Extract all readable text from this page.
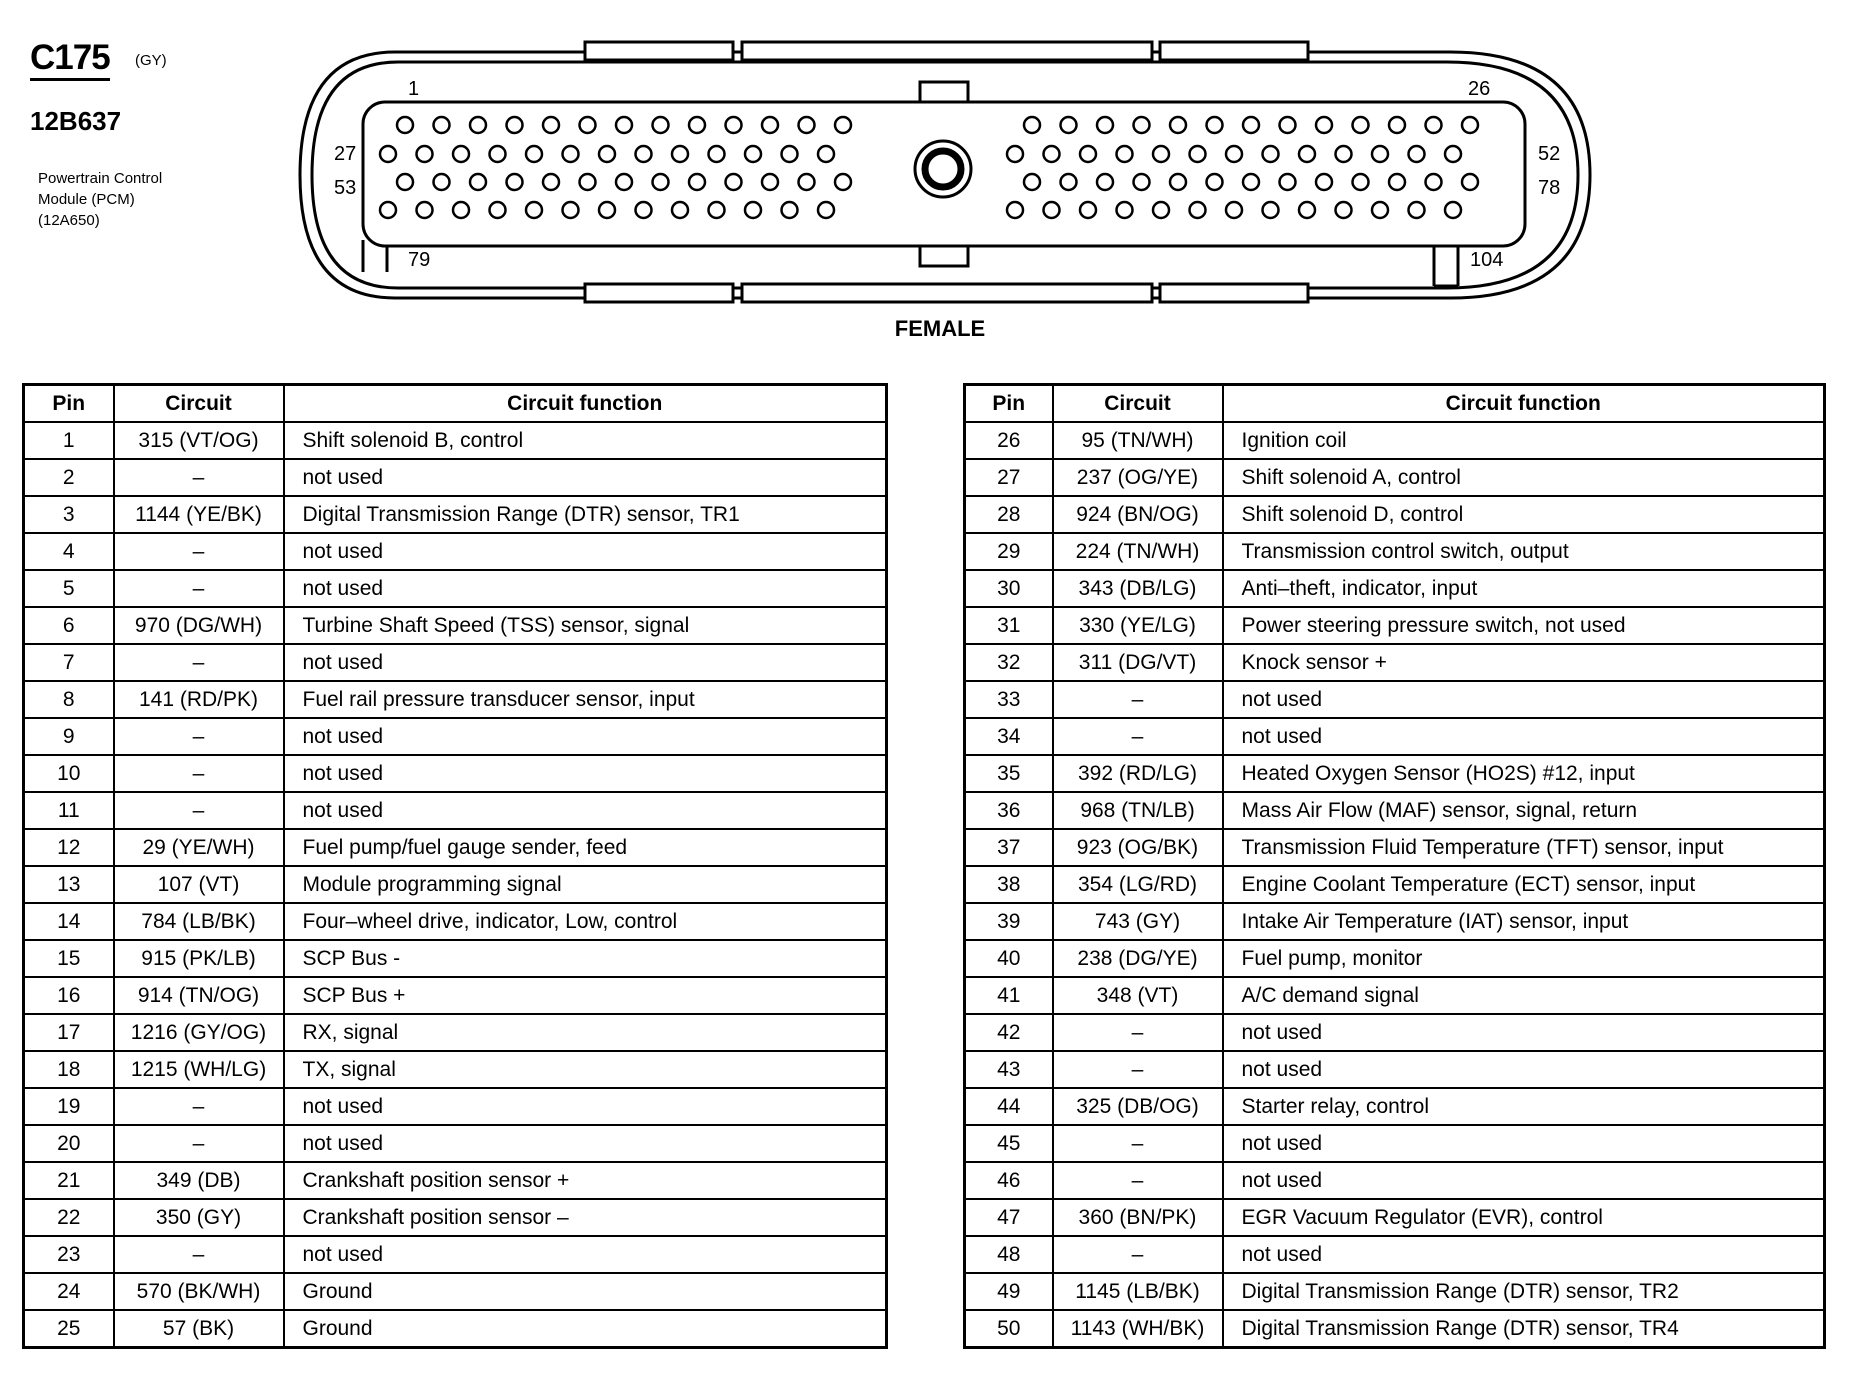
C175 (GY)
12B637
Powertrain Control
Module (PCM)
(12A650)
1	26
27	52
53	78
79	104
FEMALE
Pin	Circuit	Circuit function
1	315 (VT/OG)	Shift solenoid B, control
2	–	not used
3	1144 (YE/BK)	Digital Transmission Range (DTR) sensor, TR1
4	–	not used
5	–	not used
6	970 (DG/WH)	Turbine Shaft Speed (TSS) sensor, signal
7	–	not used
8	141 (RD/PK)	Fuel rail pressure transducer sensor, input
9	–	not used
10	–	not used
11	–	not used
12	29 (YE/WH)	Fuel pump/fuel gauge sender, feed
13	107 (VT)	Module programming signal
14	784 (LB/BK)	Four–wheel drive, indicator, Low, control
15	915 (PK/LB)	SCP Bus -
16	914 (TN/OG)	SCP Bus +
17	1216 (GY/OG)	RX, signal
18	1215 (WH/LG)	TX, signal
19	–	not used
20	–	not used
21	349 (DB)	Crankshaft position sensor +
22	350 (GY)	Crankshaft position sensor –
23	–	not used
24	570 (BK/WH)	Ground
25	57 (BK)	Ground
Pin	Circuit	Circuit function
26	95 (TN/WH)	Ignition coil
27	237 (OG/YE)	Shift solenoid A, control
28	924 (BN/OG)	Shift solenoid D, control
29	224 (TN/WH)	Transmission control switch, output
30	343 (DB/LG)	Anti–theft, indicator, input
31	330 (YE/LG)	Power steering pressure switch, not used
32	311 (DG/VT)	Knock sensor +
33	–	not used
34	–	not used
35	392 (RD/LG)	Heated Oxygen Sensor (HO2S) #12, input
36	968 (TN/LB)	Mass Air Flow (MAF) sensor, signal, return
37	923 (OG/BK)	Transmission Fluid Temperature (TFT) sensor, input
38	354 (LG/RD)	Engine Coolant Temperature (ECT) sensor, input
39	743 (GY)	Intake Air Temperature (IAT) sensor, input
40	238 (DG/YE)	Fuel pump, monitor
41	348 (VT)	A/C demand signal
42	–	not used
43	–	not used
44	325 (DB/OG)	Starter relay, control
45	–	not used
46	–	not used
47	360 (BN/PK)	EGR Vacuum Regulator (EVR), control
48	–	not used
49	1145 (LB/BK)	Digital Transmission Range (DTR) sensor, TR2
50	1143 (WH/BK)	Digital Transmission Range (DTR) sensor, TR4
